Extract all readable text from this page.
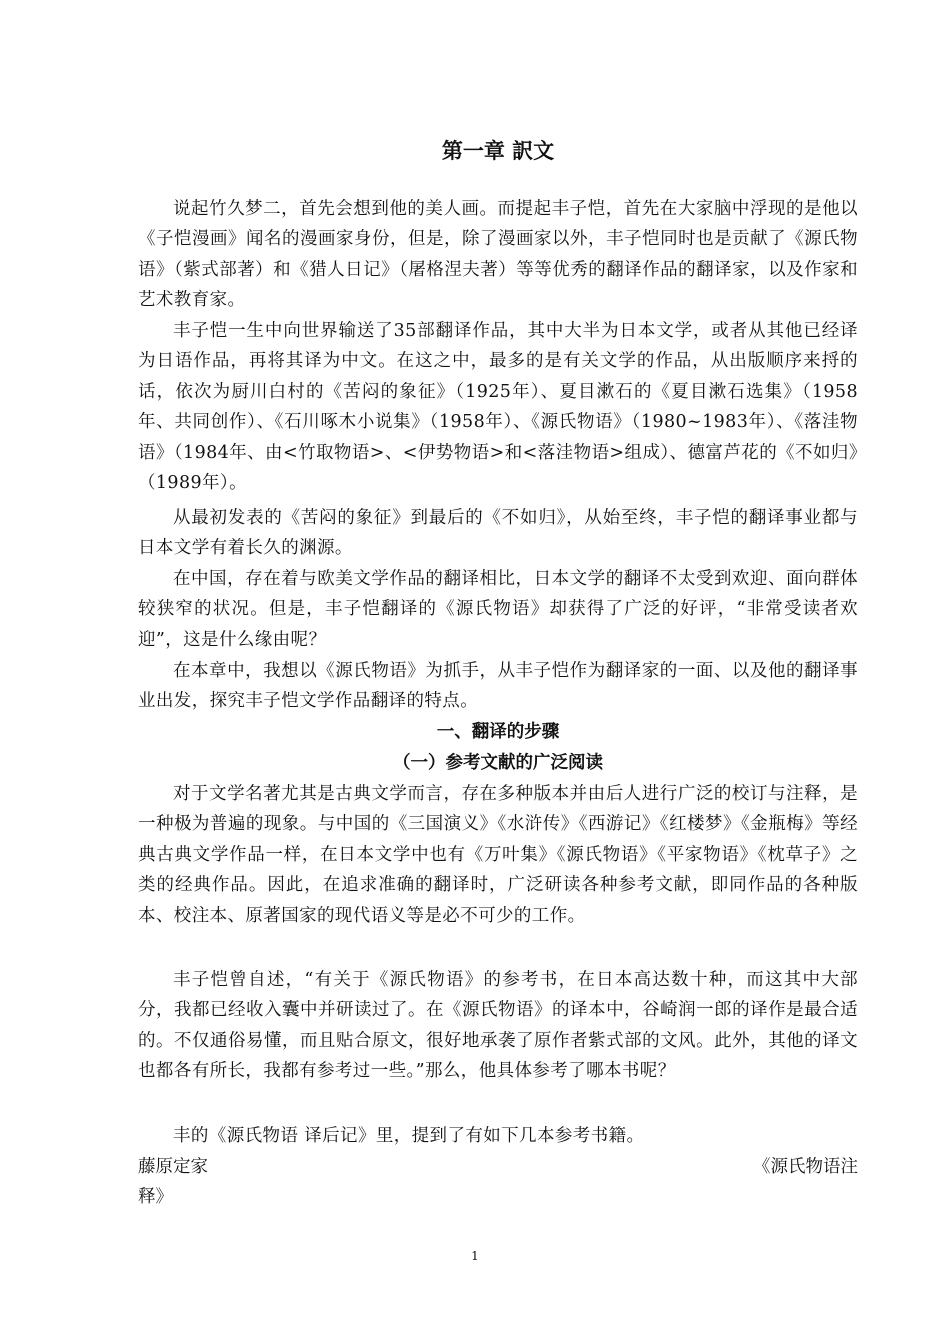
第一章 訳文
说起竹久梦二，首先会想到他的美人画。而提起丰子恺，首先在大家脑中浮现的是他以《子恺漫画》闻名的漫画家身份，但是，除了漫画家以外，丰子恺同时也是贡献了《源氏物语》（紫式部著）和《猎人日记》（屠格涅夫著）等等优秀的翻译作品的翻译家，以及作家和艺术教育家。
丰子恺一生中向世界输送了35部翻译作品，其中大半为日本文学，或者从其他已经译为日语作品，再将其译为中文。在这之中，最多的是有关文学的作品，从出版顺序来捋的话，依次为厨川白村的《苦闷的象征》（1925年）、夏目漱石的《夏目漱石选集》（1958年、共同创作）、《石川啄木小说集》（1958年）、《源氏物语》（1980~1983年）、《落洼物语》（1984年、由<竹取物语>、<伊势物语>和<落洼物语>组成）、德富芦花的《不如归》（1989年）。
从最初发表的《苦闷的象征》到最后的《不如归》，从始至终，丰子恺的翻译事业都与日本文学有着长久的渊源。
在中国，存在着与欧美文学作品的翻译相比，日本文学的翻译不太受到欢迎、面向群体较狭窄的状况。但是，丰子恺翻译的《源氏物语》却获得了广泛的好评，“非常受读者欢迎”，这是什么缘由呢？
在本章中，我想以《源氏物语》为抓手，从丰子恺作为翻译家的一面、以及他的翻译事业出发，探究丰子恺文学作品翻译的特点。
一、翻译的步骤
（一）参考文献的广泛阅读
对于文学名著尤其是古典文学而言，存在多种版本并由后人进行广泛的校订与注释，是一种极为普遍的现象。与中国的《三国演义》《水浒传》《西游记》《红楼梦》《金瓶梅》等经典古典文学作品一样，在日本文学中也有《万叶集》《源氏物语》《平家物语》《枕草子》之类的经典作品。因此，在追求准确的翻译时，广泛研读各种参考文献，即同作品的各种版本、校注本、原著国家的现代语义等是必不可少的工作。
丰子恺曾自述，“有关于《源氏物语》的参考书，在日本高达数十种，而这其中大部分，我都已经收入囊中并研读过了。在《源氏物语》的译本中，谷崎润一郎的译作是最合适的。不仅通俗易懂，而且贴合原文，很好地承袭了原作者紫式部的文风。此外，其他的译文也都各有所长，我都有参考过一些。”那么，他具体参考了哪本书呢？
丰的《源氏物语 译后记》里，提到了有如下几本参考书籍。
藤原定家	《源氏物语注
释》
1
